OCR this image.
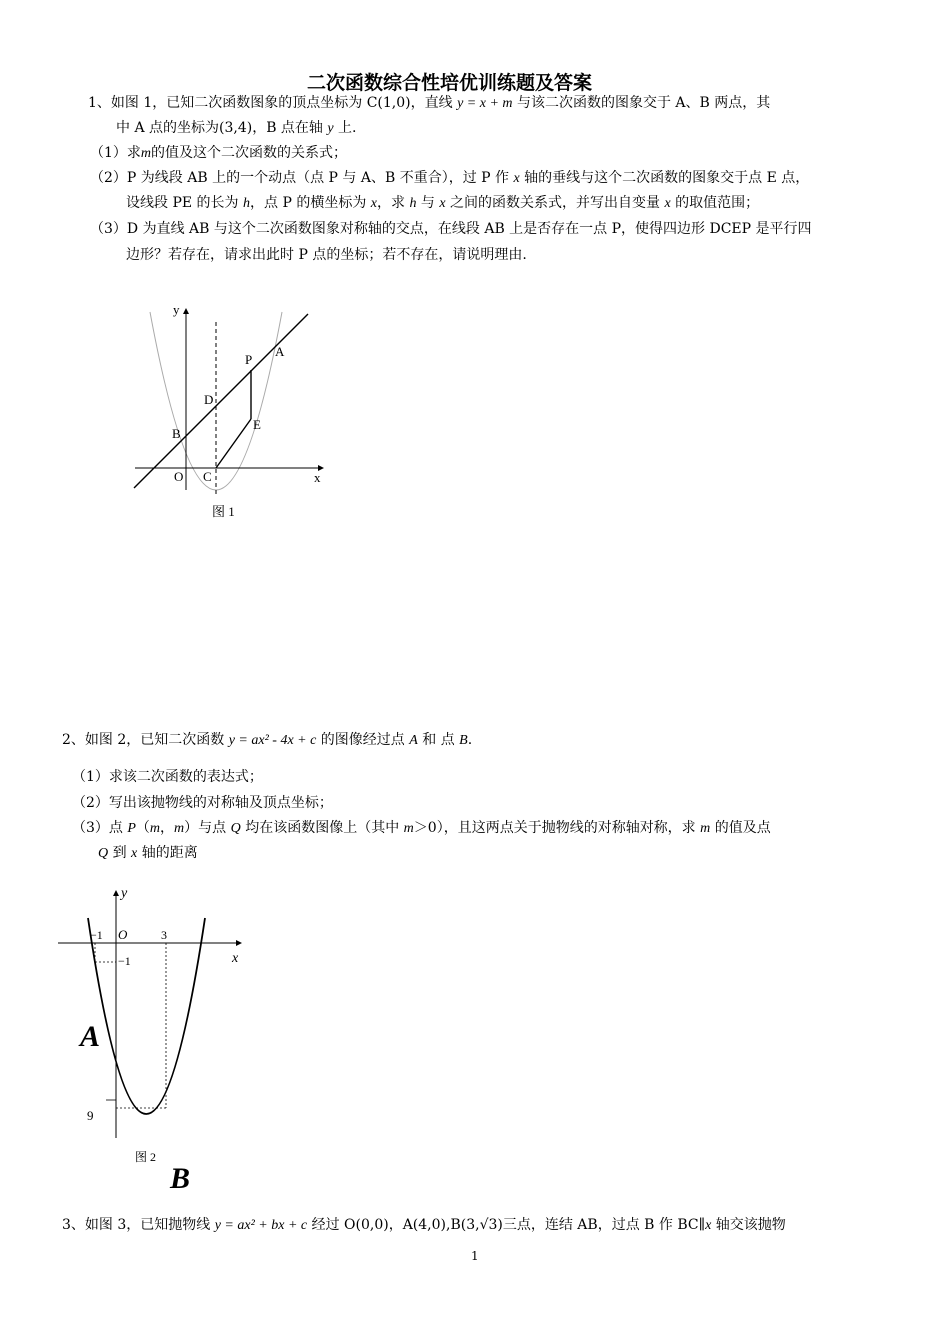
二次函数综合性培优训练题及答案
1、如图 1，已知二次函数图象的顶点坐标为 C(1,0)，直线 y = x + m 与该二次函数的图象交于 A、B 两点，其
中 A 点的坐标为(3,4)，B 点在轴 y 上.
（1）求m的值及这个二次函数的关系式；
（2）P 为线段 AB 上的一个动点（点 P 与 A、B 不重合），过 P 作 x 轴的垂线与这个二次函数的图象交于点 E 点，
设线段 PE 的长为 h，点 P 的横坐标为 x，求 h 与 x 之间的函数关系式，并写出自变量 x 的取值范围；
（3）D 为直线 AB 与这个二次函数图象对称轴的交点，在线段 AB 上是否存在一点 P，使得四边形 DCEP 是平行四
边形？若存在，请求出此时 P 点的坐标；若不存在，请说明理由.
y
x
O C
B
D
P
A
E
图 1
2、如图 2，已知二次函数 y = ax² - 4x + c 的图像经过点 A 和 点 B.
（1）求该二次函数的表达式；
（2）写出该抛物线的对称轴及顶点坐标；
（3）点 P（m，m）与点 Q 均在该函数图像上（其中 m＞0），且这两点关于抛物线的对称轴对称，求 m 的值及点
Q 到 x 轴的距离
y
x
O
−1	3
−1
9
A
图 2
B
3、如图 3，已知抛物线 y = ax² + bx + c 经过 O(0,0)，A(4,0),B(3,√3)三点，连结 AB，过点 B 作 BC∥x 轴交该抛物
1
